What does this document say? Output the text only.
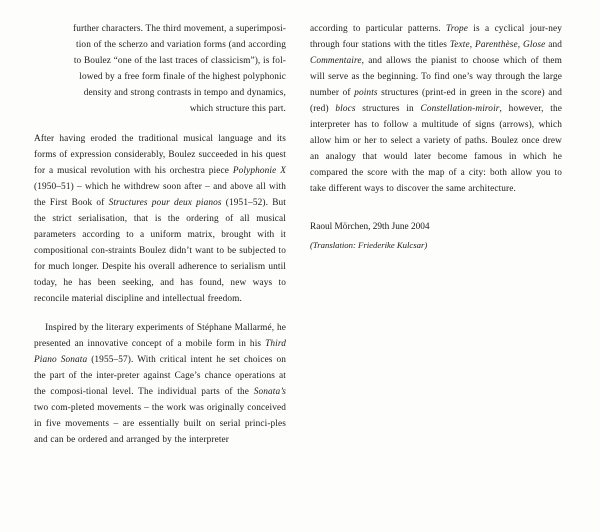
further characters. The third movement, a superimposi-
tion of the scherzo and variation forms (and according
to Boulez “one of the last traces of classicism”), is fol-
lowed by a free form finale of the highest polyphonic
density and strong contrasts in tempo and dynamics,
which structure this part.

After having eroded the traditional musical language and its forms of expression considerably, Boulez succeeded in his quest for a musical revolution with his orchestra piece Polyphonie X (1950–51) – which he withdrew soon after – and above all with the First Book of Structures pour deux pianos (1951–52). But the strict serialisation, that is the ordering of all musical parameters according to a uniform matrix, brought with it compositional con-straints Boulez didn’t want to be subjected to for much longer. Despite his overall adherence to serialism until today, he has been seeking, and has found, new ways to reconcile material discipline and intellectual freedom.

Inspired by the literary experiments of Stéphane Mallarmé, he presented an innovative concept of a mobile form in his Third Piano Sonata (1955–57). With critical intent he set choices on the part of the inter-preter against Cage’s chance operations at the composi-tional level. The individual parts of the Sonata’s two com-pleted movements – the work was originally conceived in five movements – are essentially built on serial princi-ples and can be ordered and arranged by the interpreter

according to particular patterns. Trope is a cyclical jour-ney through four stations with the titles Texte, Parenthèse, Glose and Commentaire, and allows the pianist to choose which of them will serve as the beginning. To find one’s way through the large number of points structures (print-ed in green in the score) and (red) blocs structures in Constellation-miroir, however, the interpreter has to follow a multitude of signs (arrows), which allow him or her to select a variety of paths. Boulez once drew an analogy that would later become famous in which he compared the score with the map of a city: both allow you to take different ways to discover the same architecture.

Raoul Mörchen, 29th June 2004
(Translation: Friederike Kulcsar)
